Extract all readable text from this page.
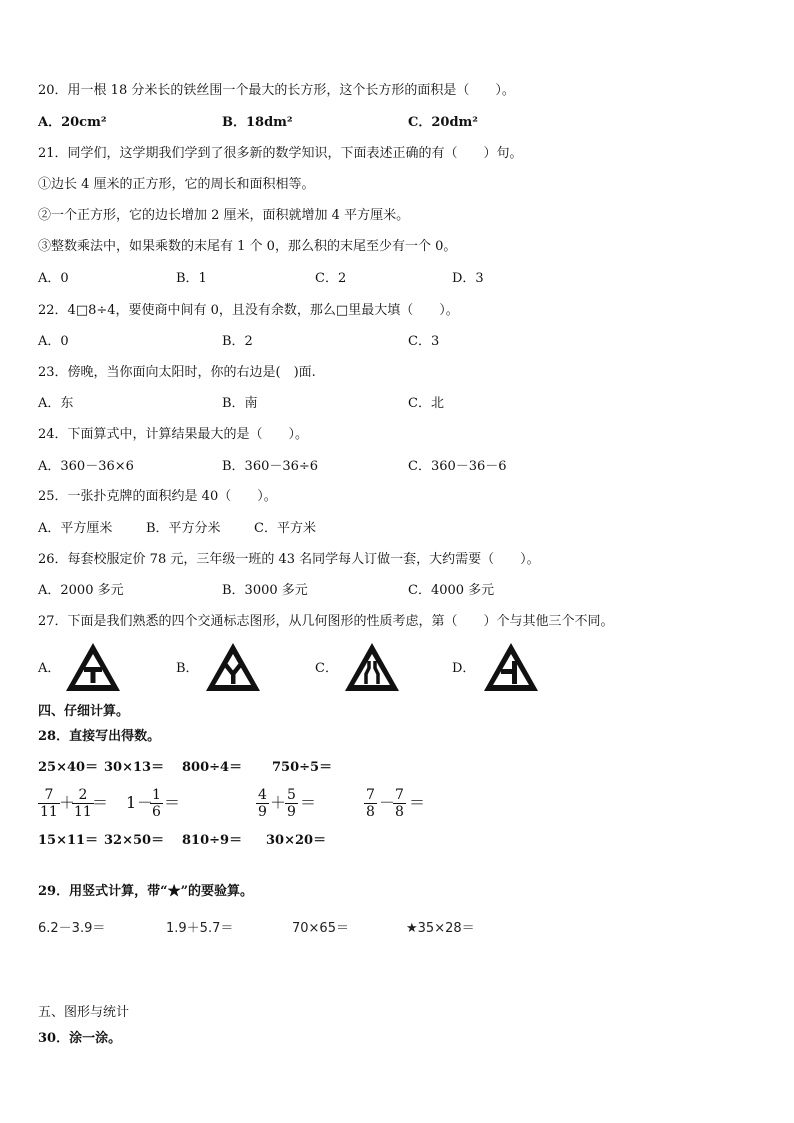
20．用一根 18 分米长的铁丝围一个最大的长方形，这个长方形的面积是（　　）。
A．20cm²	B．18dm²	C．20dm²
21．同学们，这学期我们学到了很多新的数学知识，下面表述正确的有（　　）句。
①边长 4 厘米的正方形，它的周长和面积相等。
②一个正方形，它的边长增加 2 厘米，面积就增加 4 平方厘米。
③整数乘法中，如果乘数的末尾有 1 个 0，那么积的末尾至少有一个 0。
A．0	B．1	C．2	D．3
22．4□8÷4，要使商中间有 0，且没有余数，那么□里最大填（　　）。
A．0	B．2	C．3
23．傍晚，当你面向太阳时，你的右边是(　)面.
A．东	B．南	C．北
24．下面算式中，计算结果最大的是（　　）。
A．360－36×6	B．360－36÷6	C．360－36－6
25．一张扑克牌的面积约是 40（　　）。
A．平方厘米	B．平方分米	C．平方米
26．每套校服定价 78 元，三年级一班的 43 名同学每人订做一套，大约需要（　　）。
A．2000 多元	B．3000 多元	C．4000 多元
27．下面是我们熟悉的四个交通标志图形，从几何图形的性质考虑，第（　　）个与其他三个不同。
A．	B．	C．	D．
四、仔细计算。
28．直接写出得数。
25×40＝ 30×13＝ 800÷4＝ 750÷5＝
$\frac{7}{11}$ ＋
$\frac{2}{11}$
＝ 1 －
$\frac{1}{6}$ ＝	$\frac{4}{9}$ ＋
$\frac{5}{9}$ ＝	$\frac{7}{8}$ －
$\frac{7}{8}$ ＝
15×11＝ 32×50＝ 810÷9＝ 30×20＝
29．用竖式计算，带“★”的要验算。
6.2－3.9＝	1.9＋5.7＝	70×65＝	★35×28＝
五、图形与统计
30．涂一涂。
